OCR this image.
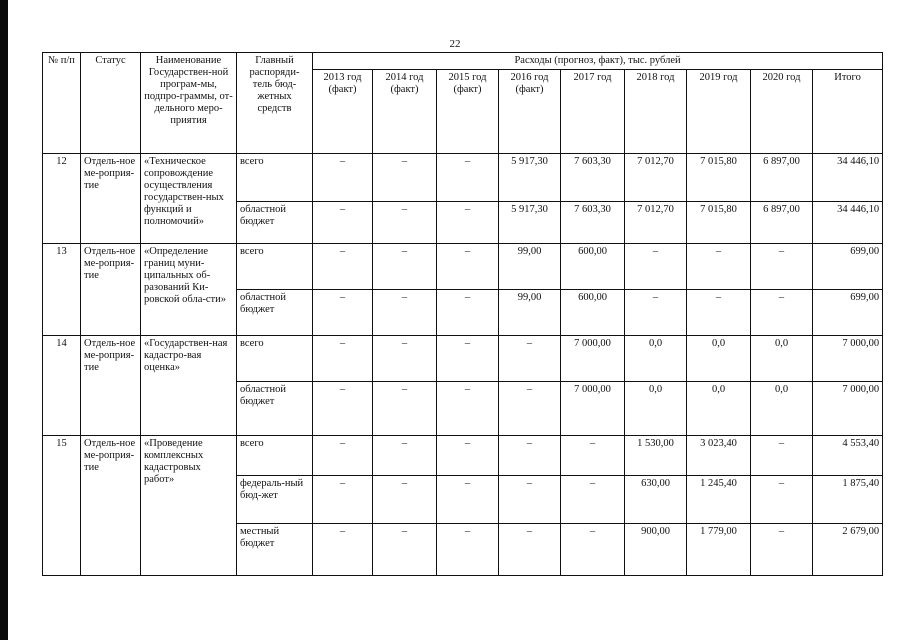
22
№ п/п	Статус	Наименование Государствен-ной програм-мы, подпро-граммы, от-дельного меро-приятия	Главный распоряди-тель бюд-жетных средств	Расходы (прогноз, факт), тыс. рублей								
				2013 год (факт)	2014 год (факт)	2015 год (факт)	2016 год (факт)	2017 год	2018 год	2019 год	2020 год	Итого
12	Отдель-ное ме-роприя-тие	«Техническое сопровождение осуществления государствен-ных функций и полномочий»	всего	–	–	–	5 917,30	7 603,30	7 012,70	7 015,80	6 897,00	34 446,10
			областной бюджет	–	–	–	5 917,30	7 603,30	7 012,70	7 015,80	6 897,00	34 446,10
13	Отдель-ное ме-роприя-тие	«Определение границ муни-ципальных об-разований Ки-ровской обла-сти»	всего	–	–	–	99,00	600,00	–	–	–	699,00
			областной бюджет	–	–	–	99,00	600,00	–	–	–	699,00
14	Отдель-ное ме-роприя-тие	«Государствен-ная кадастро-вая оценка»	всего	–	–	–	–	7 000,00	0,0	0,0	0,0	7 000,00
			областной бюджет	–	–	–	–	7 000,00	0,0	0,0	0,0	7 000,00
15	Отдель-ное ме-роприя-тие	«Проведение комплексных кадастровых работ»	всего	–	–	–	–	–	1 530,00	3 023,40	–	4 553,40
			федераль-ный бюд-жет	–	–	–	–	–	630,00	1 245,40	–	1 875,40
			местный бюджет	–	–	–	–	–	900,00	1 779,00	–	2 679,00
